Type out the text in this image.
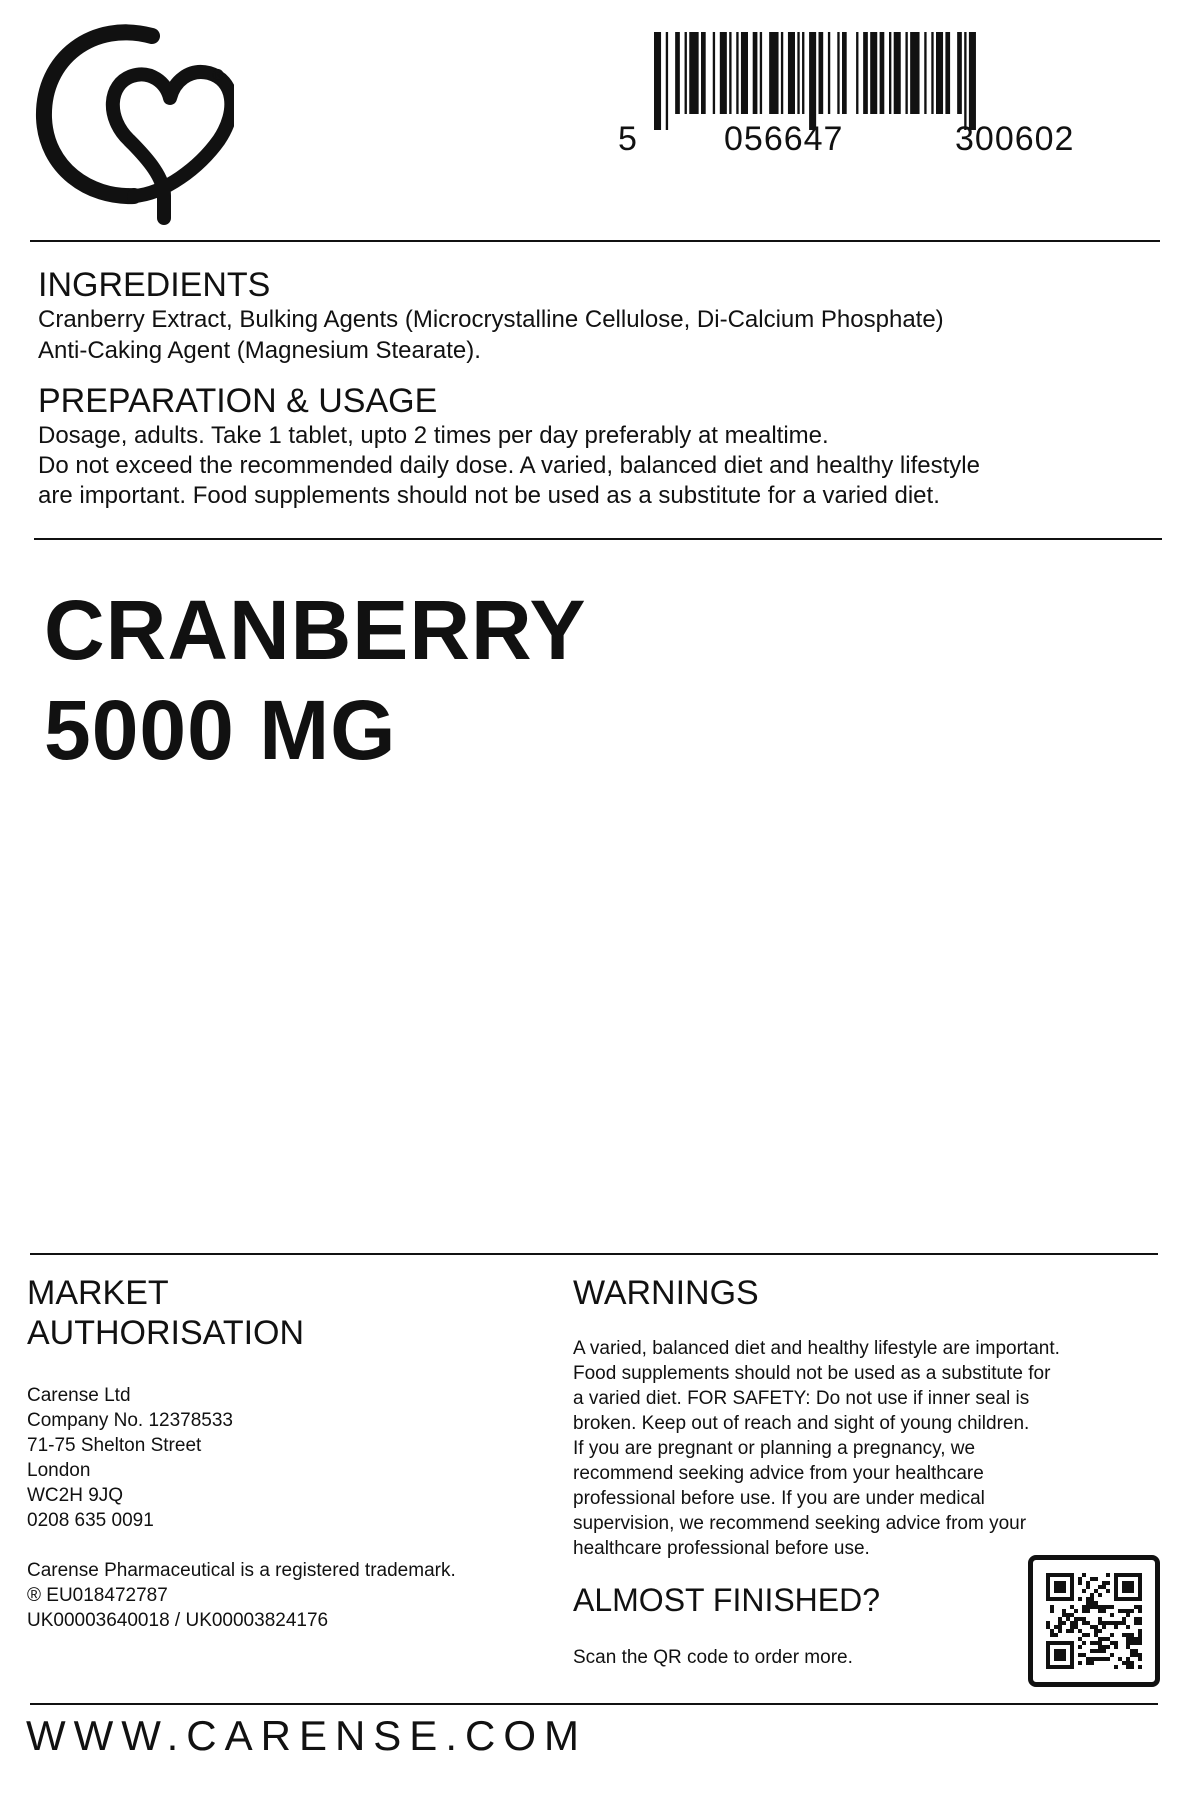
®
5	056647	300602
INGREDIENTS

Cranberry Extract, Bulking Agents (Microcrystalline Cellulose, Di-Calcium Phosphate)

Anti-Caking Agent (Magnesium Stearate).

PREPARATION & USAGE

Dosage, adults. Take 1 tablet, upto 2 times per day preferably at mealtime.

Do not exceed the recommended daily dose. A varied, balanced diet and healthy lifestyle

are important. Food supplements should not be used as a substitute for a varied diet.

CRANBERRY
5000 MG
MARKET
AUTHORISATION

Carense Ltd

Company No. 12378533

71-75 Shelton Street

London

WC2H 9JQ

0208 635 0091

Carense Pharmaceutical is a registered trademark.

® EU018472787

UK00003640018 / UK00003824176

WARNINGS

A varied, balanced diet and healthy lifestyle are important.

Food supplements should not be used as a substitute for

a varied diet. FOR SAFETY: Do not use if inner seal is

broken. Keep out of reach and sight of young children.

If you are pregnant or planning a pregnancy, we

recommend seeking advice from your healthcare

professional before use. If you are under medical

supervision, we recommend seeking advice from your

healthcare professional before use.

ALMOST FINISHED?

Scan the QR code to order more.

WWW.CARENSE.COM
